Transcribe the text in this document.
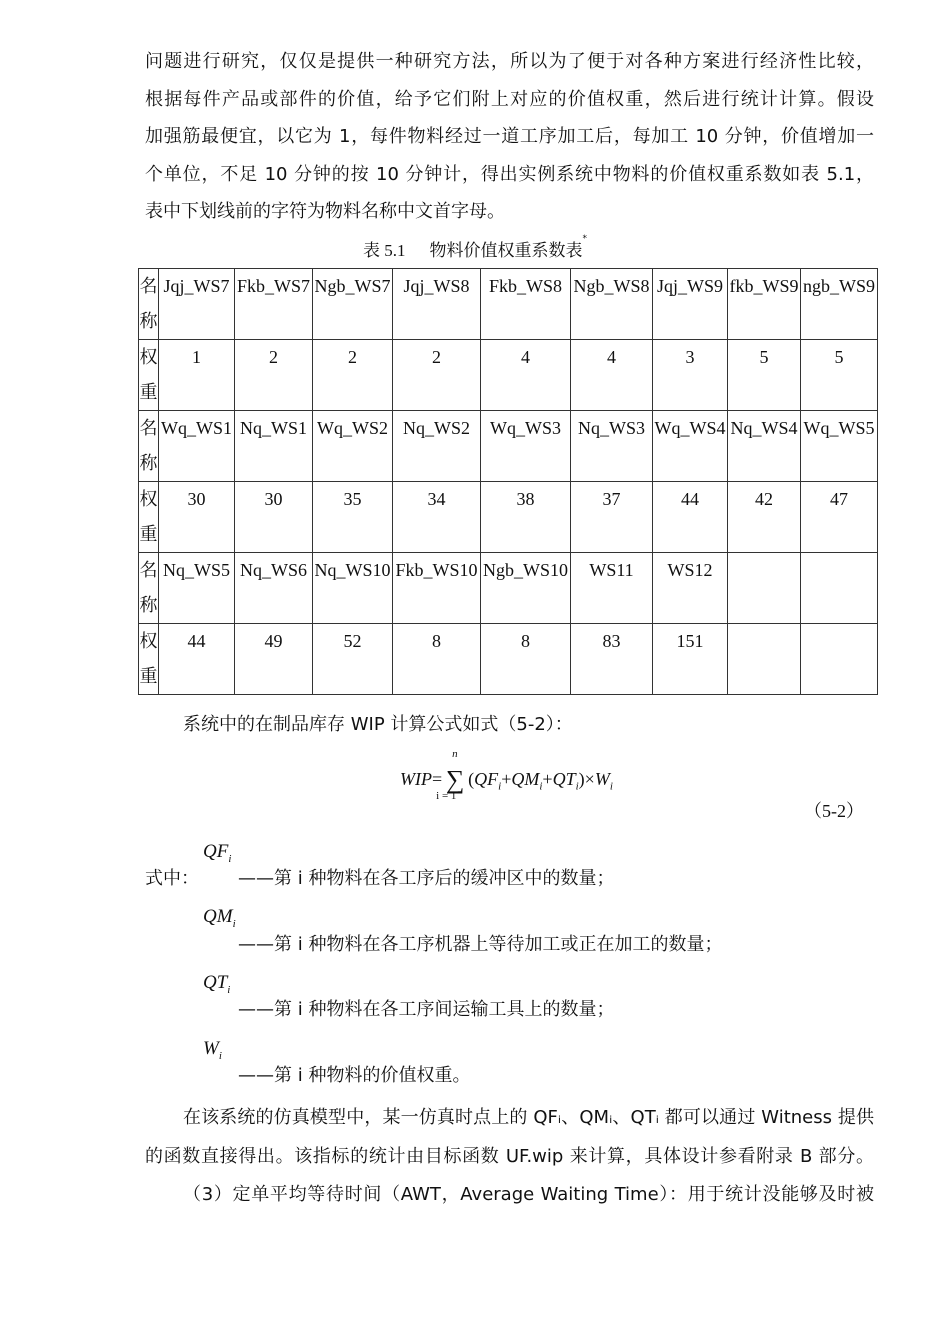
问题进行研究，仅仅是提供一种研究方法，所以为了便于对各种方案进行经济性比较，
根据每件产品或部件的价值，给予它们附上对应的价值权重，然后进行统计计算。假设
加强筋最便宜，以它为 1，每件物料经过一道工序加工后，每加工 10 分钟，价值增加一
个单位，不足 10 分钟的按 10 分钟计，得出实例系统中物料的价值权重系数如表 5.1，
表中下划线前的字符为物料名称中文首字母。
表 5.1 物料价值权重系数表*
名称	Jqj_WS7	Fkb_WS7	Ngb_WS7	Jqj_WS8	Fkb_WS8	Ngb_WS8	Jqj_WS9	fkb_WS9	ngb_WS9
权重	1	2	2	2	4	4	3	5	5
名称	Wq_WS1	Nq_WS1	Wq_WS2	Nq_WS2	Wq_WS3	Nq_WS3	Wq_WS4	Nq_WS4	Wq_WS5
权重	30	30	35	34	38	37	44	42	47
名称	Nq_WS5	Nq_WS6	Nq_WS10	Fkb_WS10	Ngb_WS10	WS11	WS12		
权重	44	49	52	8	8	83	151		
系统中的在制品库存 WIP 计算公式如式（5-2）：
WIP=
n
∑
i = 1
$(QF_i+QM_i+QT_i)\times W_i$
（5-2）
式中：
$QF_i$
——第 i 种物料在各工序后的缓冲区中的数量；
$QM_i$
——第 i 种物料在各工序机器上等待加工或正在加工的数量；
$QT_i$
——第 i 种物料在各工序间运输工具上的数量；
$W_i$
——第 i 种物料的价值权重。
在该系统的仿真模型中，某一仿真时点上的 QFᵢ、QMᵢ、QTᵢ 都可以通过 Witness 提供
的函数直接得出。该指标的统计由目标函数 UF.wip 来计算，具体设计参看附录 B 部分。
（3）定单平均等待时间（AWT，Average Waiting Time）：用于统计没能够及时被
